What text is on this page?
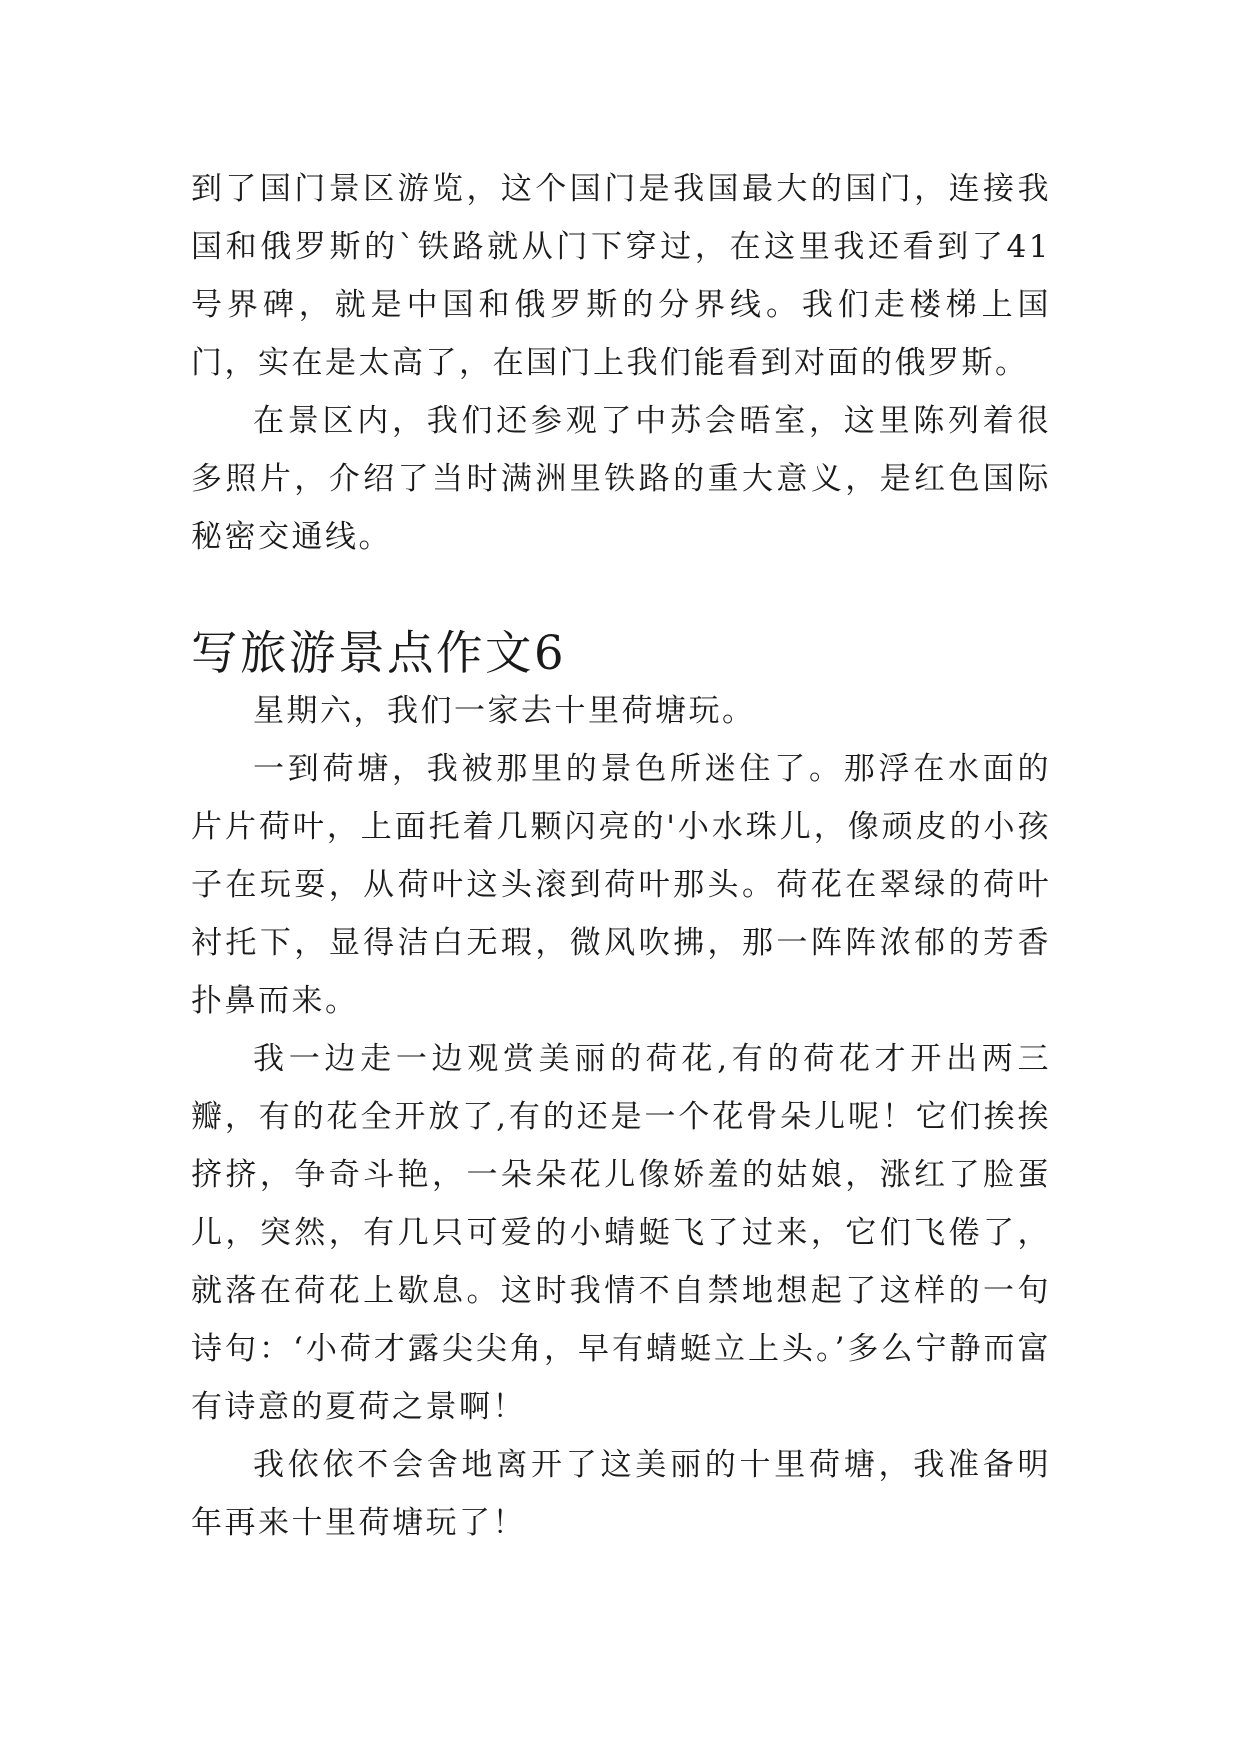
到了国门景区游览，这个国门是我国最大的国门，连接我国和俄罗斯的`铁路就从门下穿过，在这里我还看到了41号界碑，就是中国和俄罗斯的分界线。我们走楼梯上国门，实在是太高了，在国门上我们能看到对面的俄罗斯。

在景区内，我们还参观了中苏会晤室，这里陈列着很多照片，介绍了当时满洲里铁路的重大意义，是红色国际秘密交通线。

写旅游景点作文6

星期六，我们一家去十里荷塘玩。

一到荷塘，我被那里的景色所迷住了。那浮在水面的片片荷叶，上面托着几颗闪亮的'小水珠儿，像顽皮的小孩子在玩耍，从荷叶这头滚到荷叶那头。荷花在翠绿的荷叶衬托下，显得洁白无瑕，微风吹拂，那一阵阵浓郁的芳香扑鼻而来。

我一边走一边观赏美丽的荷花,有的荷花才开出两三瓣，有的花全开放了,有的还是一个花骨朵儿呢！它们挨挨挤挤，争奇斗艳，一朵朵花儿像娇羞的姑娘，涨红了脸蛋儿，突然，有几只可爱的小蜻蜓飞了过来，它们飞倦了，就落在荷花上歇息。这时我情不自禁地想起了这样的一句诗句：‘小荷才露尖尖角，早有蜻蜓立上头。’多么宁静而富有诗意的夏荷之景啊！

我依依不会舍地离开了这美丽的十里荷塘，我准备明年再来十里荷塘玩了！
